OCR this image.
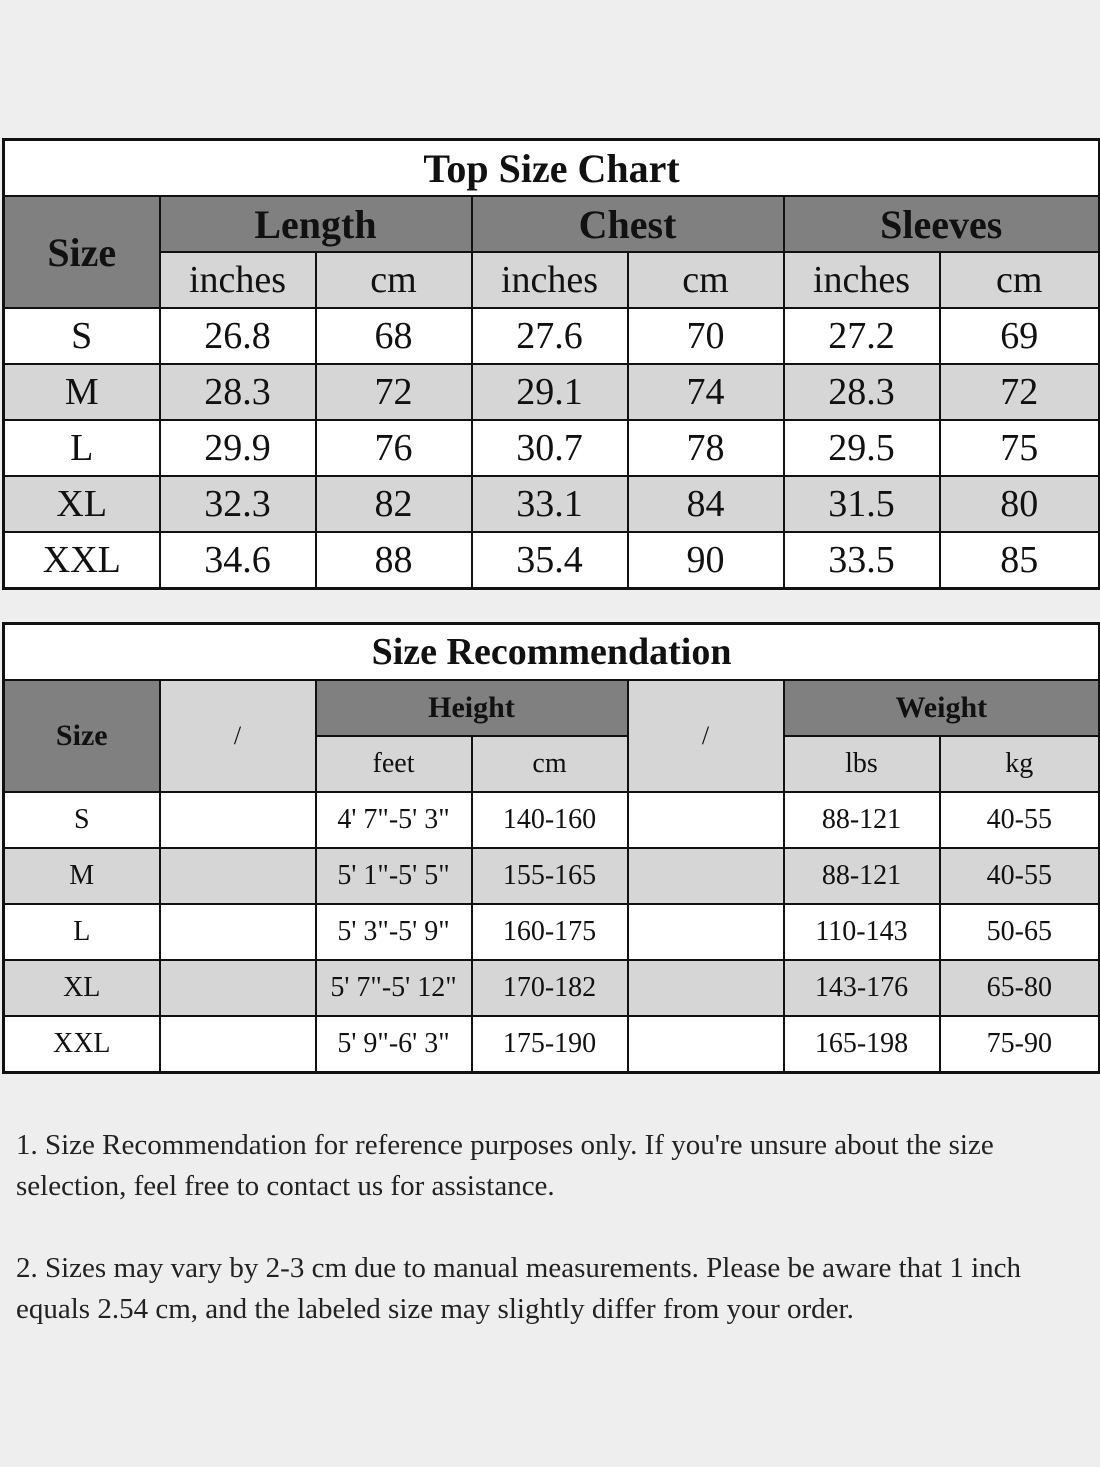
Top Size Chart						
Size	Length		Chest		Sleeves	
	inches	cm	inches	cm	inches	cm
S	26.8	68	27.6	70	27.2	69
M	28.3	72	29.1	74	28.3	72
L	29.9	76	30.7	78	29.5	75
XL	32.3	82	33.1	84	31.5	80
XXL	34.6	88	35.4	90	33.5	85
Size Recommendation						
Size	/	Height		/	Weight	
		feet	cm		lbs	kg
S		4' 7"-5' 3"	140-160		88-121	40-55
M		5' 1"-5' 5"	155-165		88-121	40-55
L		5' 3"-5' 9"	160-175		110-143	50-65
XL		5' 7"-5' 12"	170-182		143-176	65-80
XXL		5' 9"-6' 3"	175-190		165-198	75-90

1. Size Recommendation for reference purposes only. If you're unsure about the size selection, feel free to contact us for assistance.

2. Sizes may vary by 2-3 cm due to manual measurements. Please be aware that 1 inch equals 2.54 cm, and the labeled size may slightly differ from your order.
